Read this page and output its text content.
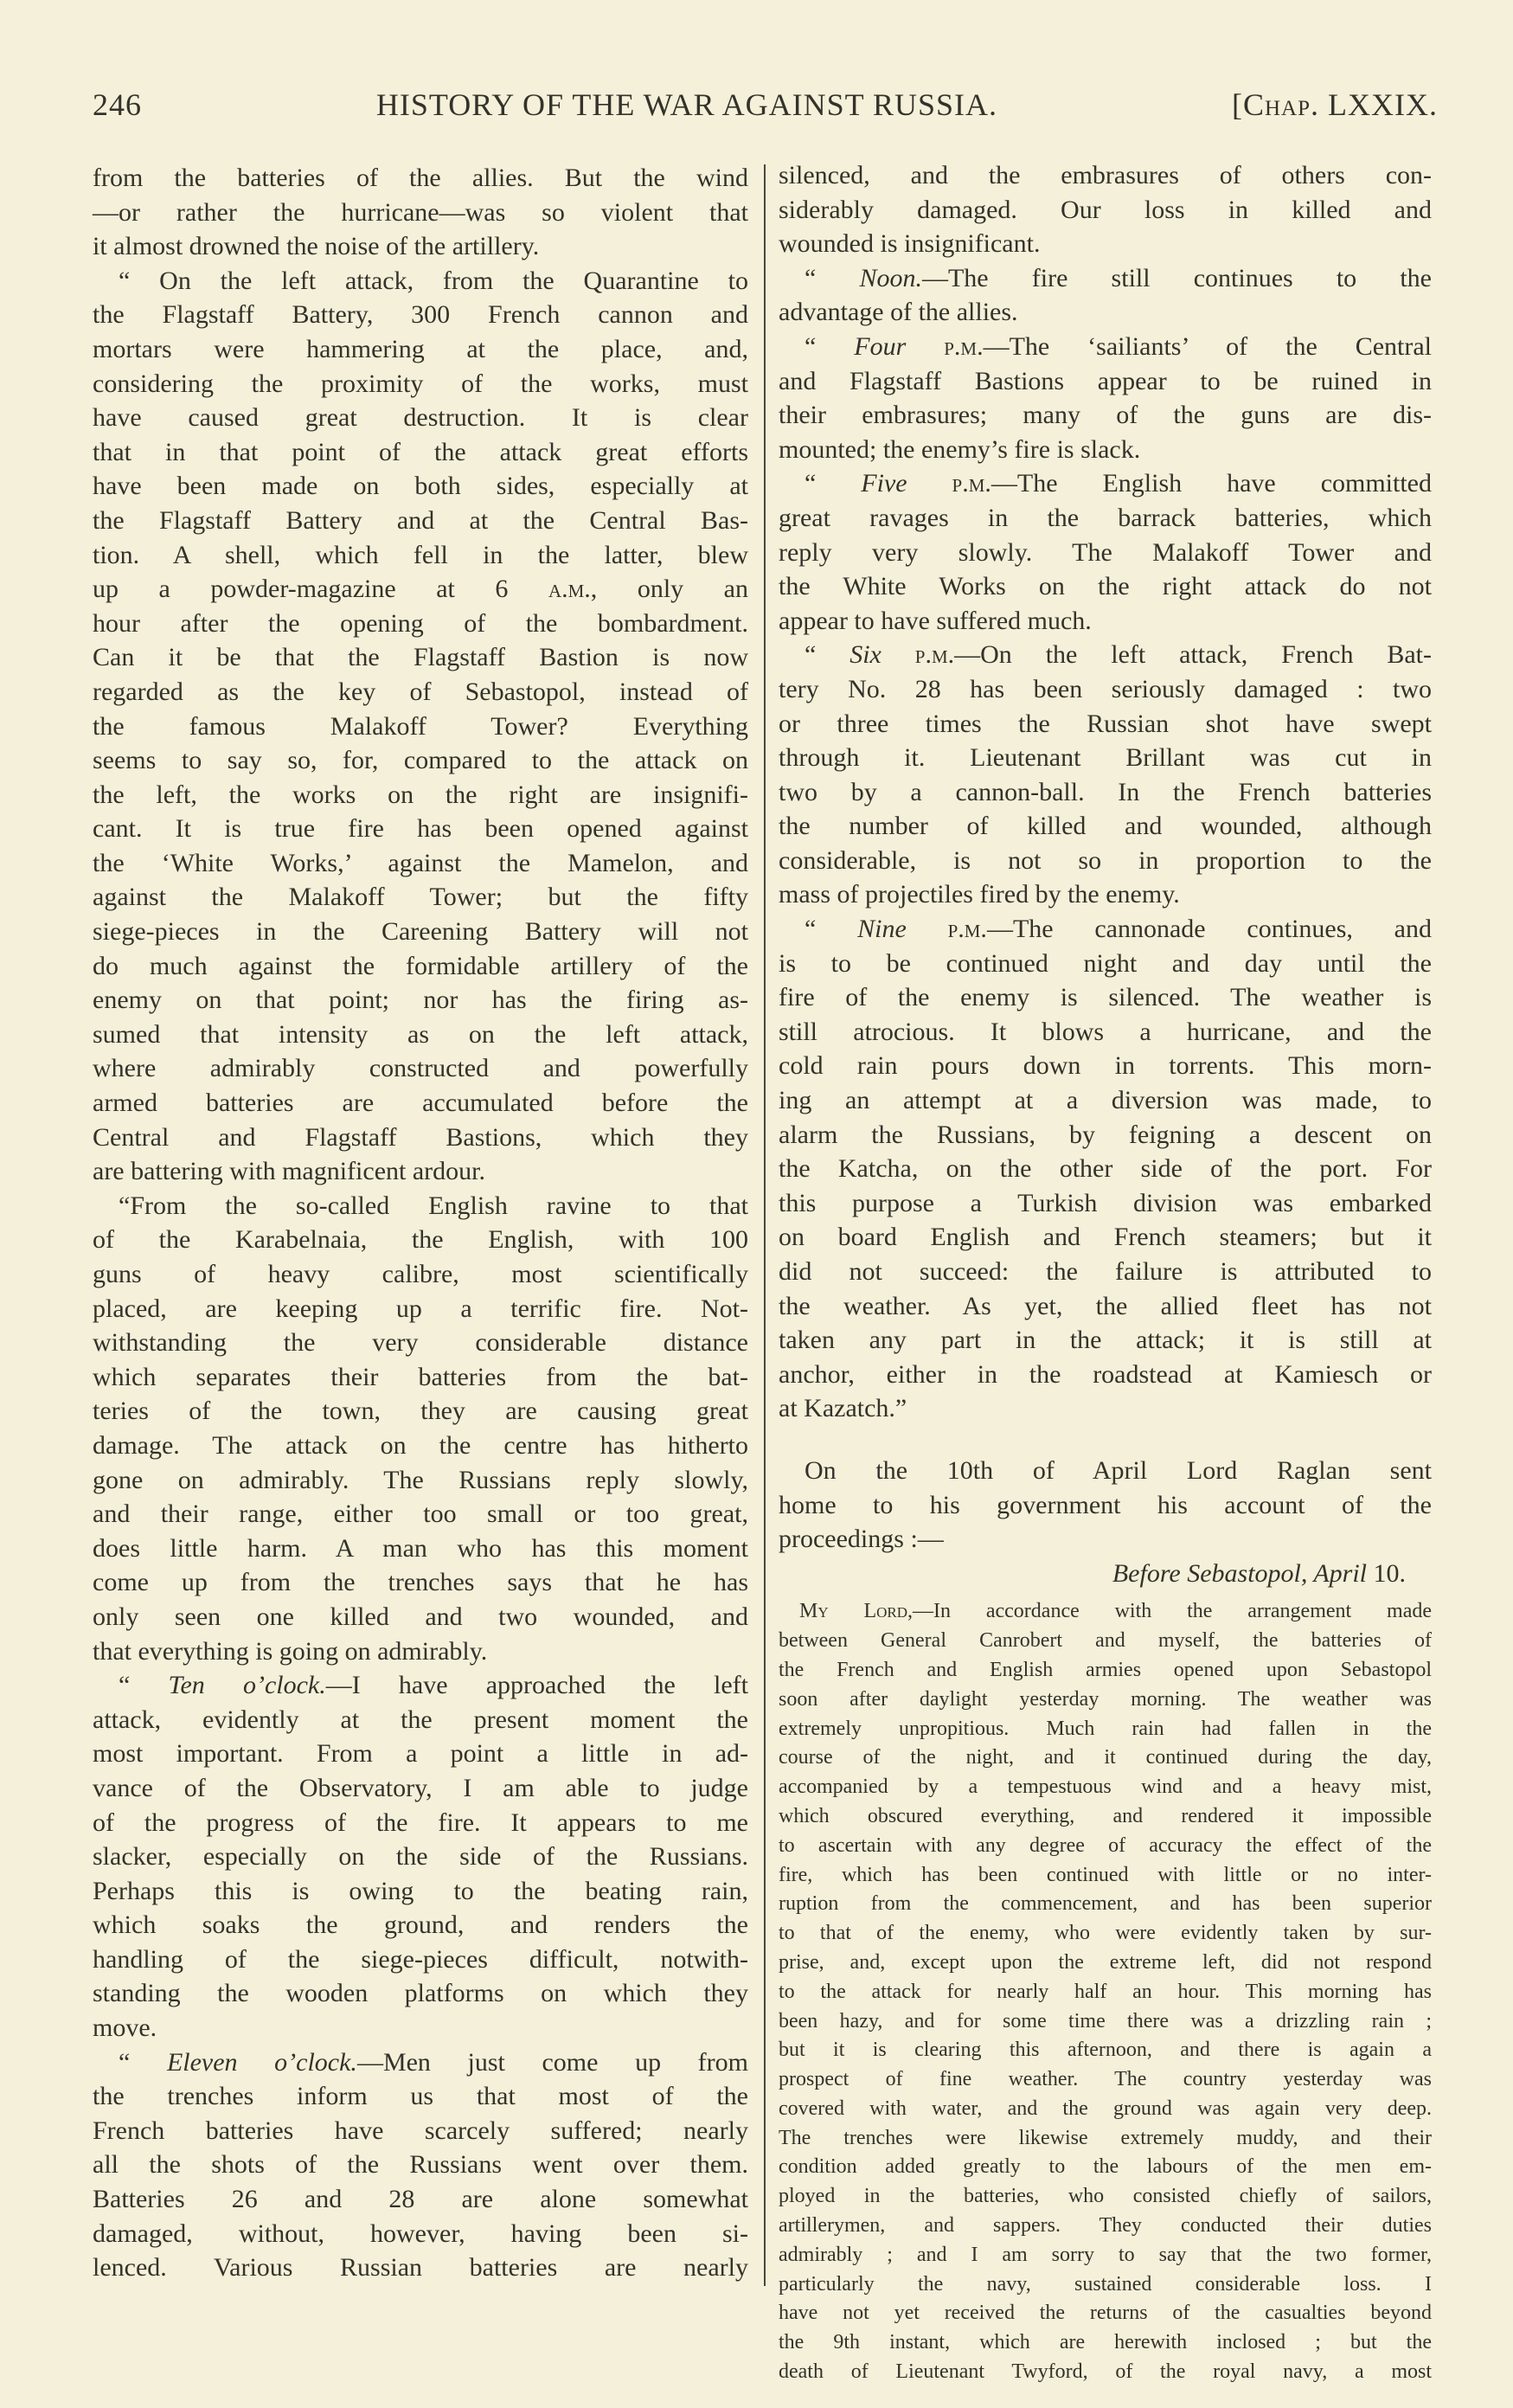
246	HISTORY OF THE WAR AGAINST RUSSIA.	[Chap. LXXIX.
from the batteries of the allies. But the wind
—or rather the hurricane—was so violent that
it almost drowned the noise of the artillery.
“ On the left attack, from the Quarantine to
the Flagstaff Battery, 300 French cannon and
mortars were hammering at the place, and,
considering the proximity of the works, must
have caused great destruction. It is clear
that in that point of the attack great efforts
have been made on both sides, especially at
the Flagstaff Battery and at the Central Bas-
tion. A shell, which fell in the latter, blew
up a powder-magazine at 6 a.m., only an
hour after the opening of the bombardment.
Can it be that the Flagstaff Bastion is now
regarded as the key of Sebastopol, instead of
the famous Malakoff Tower? Everything
seems to say so, for, compared to the attack on
the left, the works on the right are insignifi-
cant. It is true fire has been opened against
the ‘White Works,’ against the Mamelon, and
against the Malakoff Tower; but the fifty
siege-pieces in the Careening Battery will not
do much against the formidable artillery of the
enemy on that point; nor has the firing as-
sumed that intensity as on the left attack,
where admirably constructed and powerfully
armed batteries are accumulated before the
Central and Flagstaff Bastions, which they
are battering with magnificent ardour.
“From the so-called English ravine to that
of the Karabelnaia, the English, with 100
guns of heavy calibre, most scientifically
placed, are keeping up a terrific fire. Not-
withstanding the very considerable distance
which separates their batteries from the bat-
teries of the town, they are causing great
damage. The attack on the centre has hitherto
gone on admirably. The Russians reply slowly,
and their range, either too small or too great,
does little harm. A man who has this moment
come up from the trenches says that he has
only seen one killed and two wounded, and
that everything is going on admirably.
“ Ten o’clock.—I have approached the left
attack, evidently at the present moment the
most important. From a point a little in ad-
vance of the Observatory, I am able to judge
of the progress of the fire. It appears to me
slacker, especially on the side of the Russians.
Perhaps this is owing to the beating rain,
which soaks the ground, and renders the
handling of the siege-pieces difficult, notwith-
standing the wooden platforms on which they
move.
“ Eleven o’clock.—Men just come up from
the trenches inform us that most of the
French batteries have scarcely suffered; nearly
all the shots of the Russians went over them.
Batteries 26 and 28 are alone somewhat
damaged, without, however, having been si-
lenced. Various Russian batteries are nearly
silenced, and the embrasures of others con-
siderably damaged. Our loss in killed and
wounded is insignificant.
“ Noon.—The fire still continues to the
advantage of the allies.
“ Four p.m.—The ‘sailiants’ of the Central
and Flagstaff Bastions appear to be ruined in
their embrasures; many of the guns are dis-
mounted; the enemy’s fire is slack.
“ Five p.m.—The English have committed
great ravages in the barrack batteries, which
reply very slowly. The Malakoff Tower and
the White Works on the right attack do not
appear to have suffered much.
“ Six p.m.—On the left attack, French Bat-
tery No. 28 has been seriously damaged : two
or three times the Russian shot have swept
through it. Lieutenant Brillant was cut in
two by a cannon-ball. In the French batteries
the number of killed and wounded, although
considerable, is not so in proportion to the
mass of projectiles fired by the enemy.
“ Nine p.m.—The cannonade continues, and
is to be continued night and day until the
fire of the enemy is silenced. The weather is
still atrocious. It blows a hurricane, and the
cold rain pours down in torrents. This morn-
ing an attempt at a diversion was made, to
alarm the Russians, by feigning a descent on
the Katcha, on the other side of the port. For
this purpose a Turkish division was embarked
on board English and French steamers; but it
did not succeed: the failure is attributed to
the weather. As yet, the allied fleet has not
taken any part in the attack; it is still at
anchor, either in the roadstead at Kamiesch or
at Kazatch.”
On the 10th of April Lord Raglan sent
home to his government his account of the
proceedings :—
Before Sebastopol, April 10.
My Lord,—In accordance with the arrangement made
between General Canrobert and myself, the batteries of
the French and English armies opened upon Sebastopol
soon after daylight yesterday morning. The weather was
extremely unpropitious. Much rain had fallen in the
course of the night, and it continued during the day,
accompanied by a tempestuous wind and a heavy mist,
which obscured everything, and rendered it impossible
to ascertain with any degree of accuracy the effect of the
fire, which has been continued with little or no inter-
ruption from the commencement, and has been superior
to that of the enemy, who were evidently taken by sur-
prise, and, except upon the extreme left, did not respond
to the attack for nearly half an hour. This morning has
been hazy, and for some time there was a drizzling rain ;
but it is clearing this afternoon, and there is again a
prospect of fine weather. The country yesterday was
covered with water, and the ground was again very deep.
The trenches were likewise extremely muddy, and their
condition added greatly to the labours of the men em-
ployed in the batteries, who consisted chiefly of sailors,
artillerymen, and sappers. They conducted their duties
admirably ; and I am sorry to say that the two former,
particularly the navy, sustained considerable loss. I
have not yet received the returns of the casualties beyond
the 9th instant, which are herewith inclosed ; but the
death of Lieutenant Twyford, of the royal navy, a most
